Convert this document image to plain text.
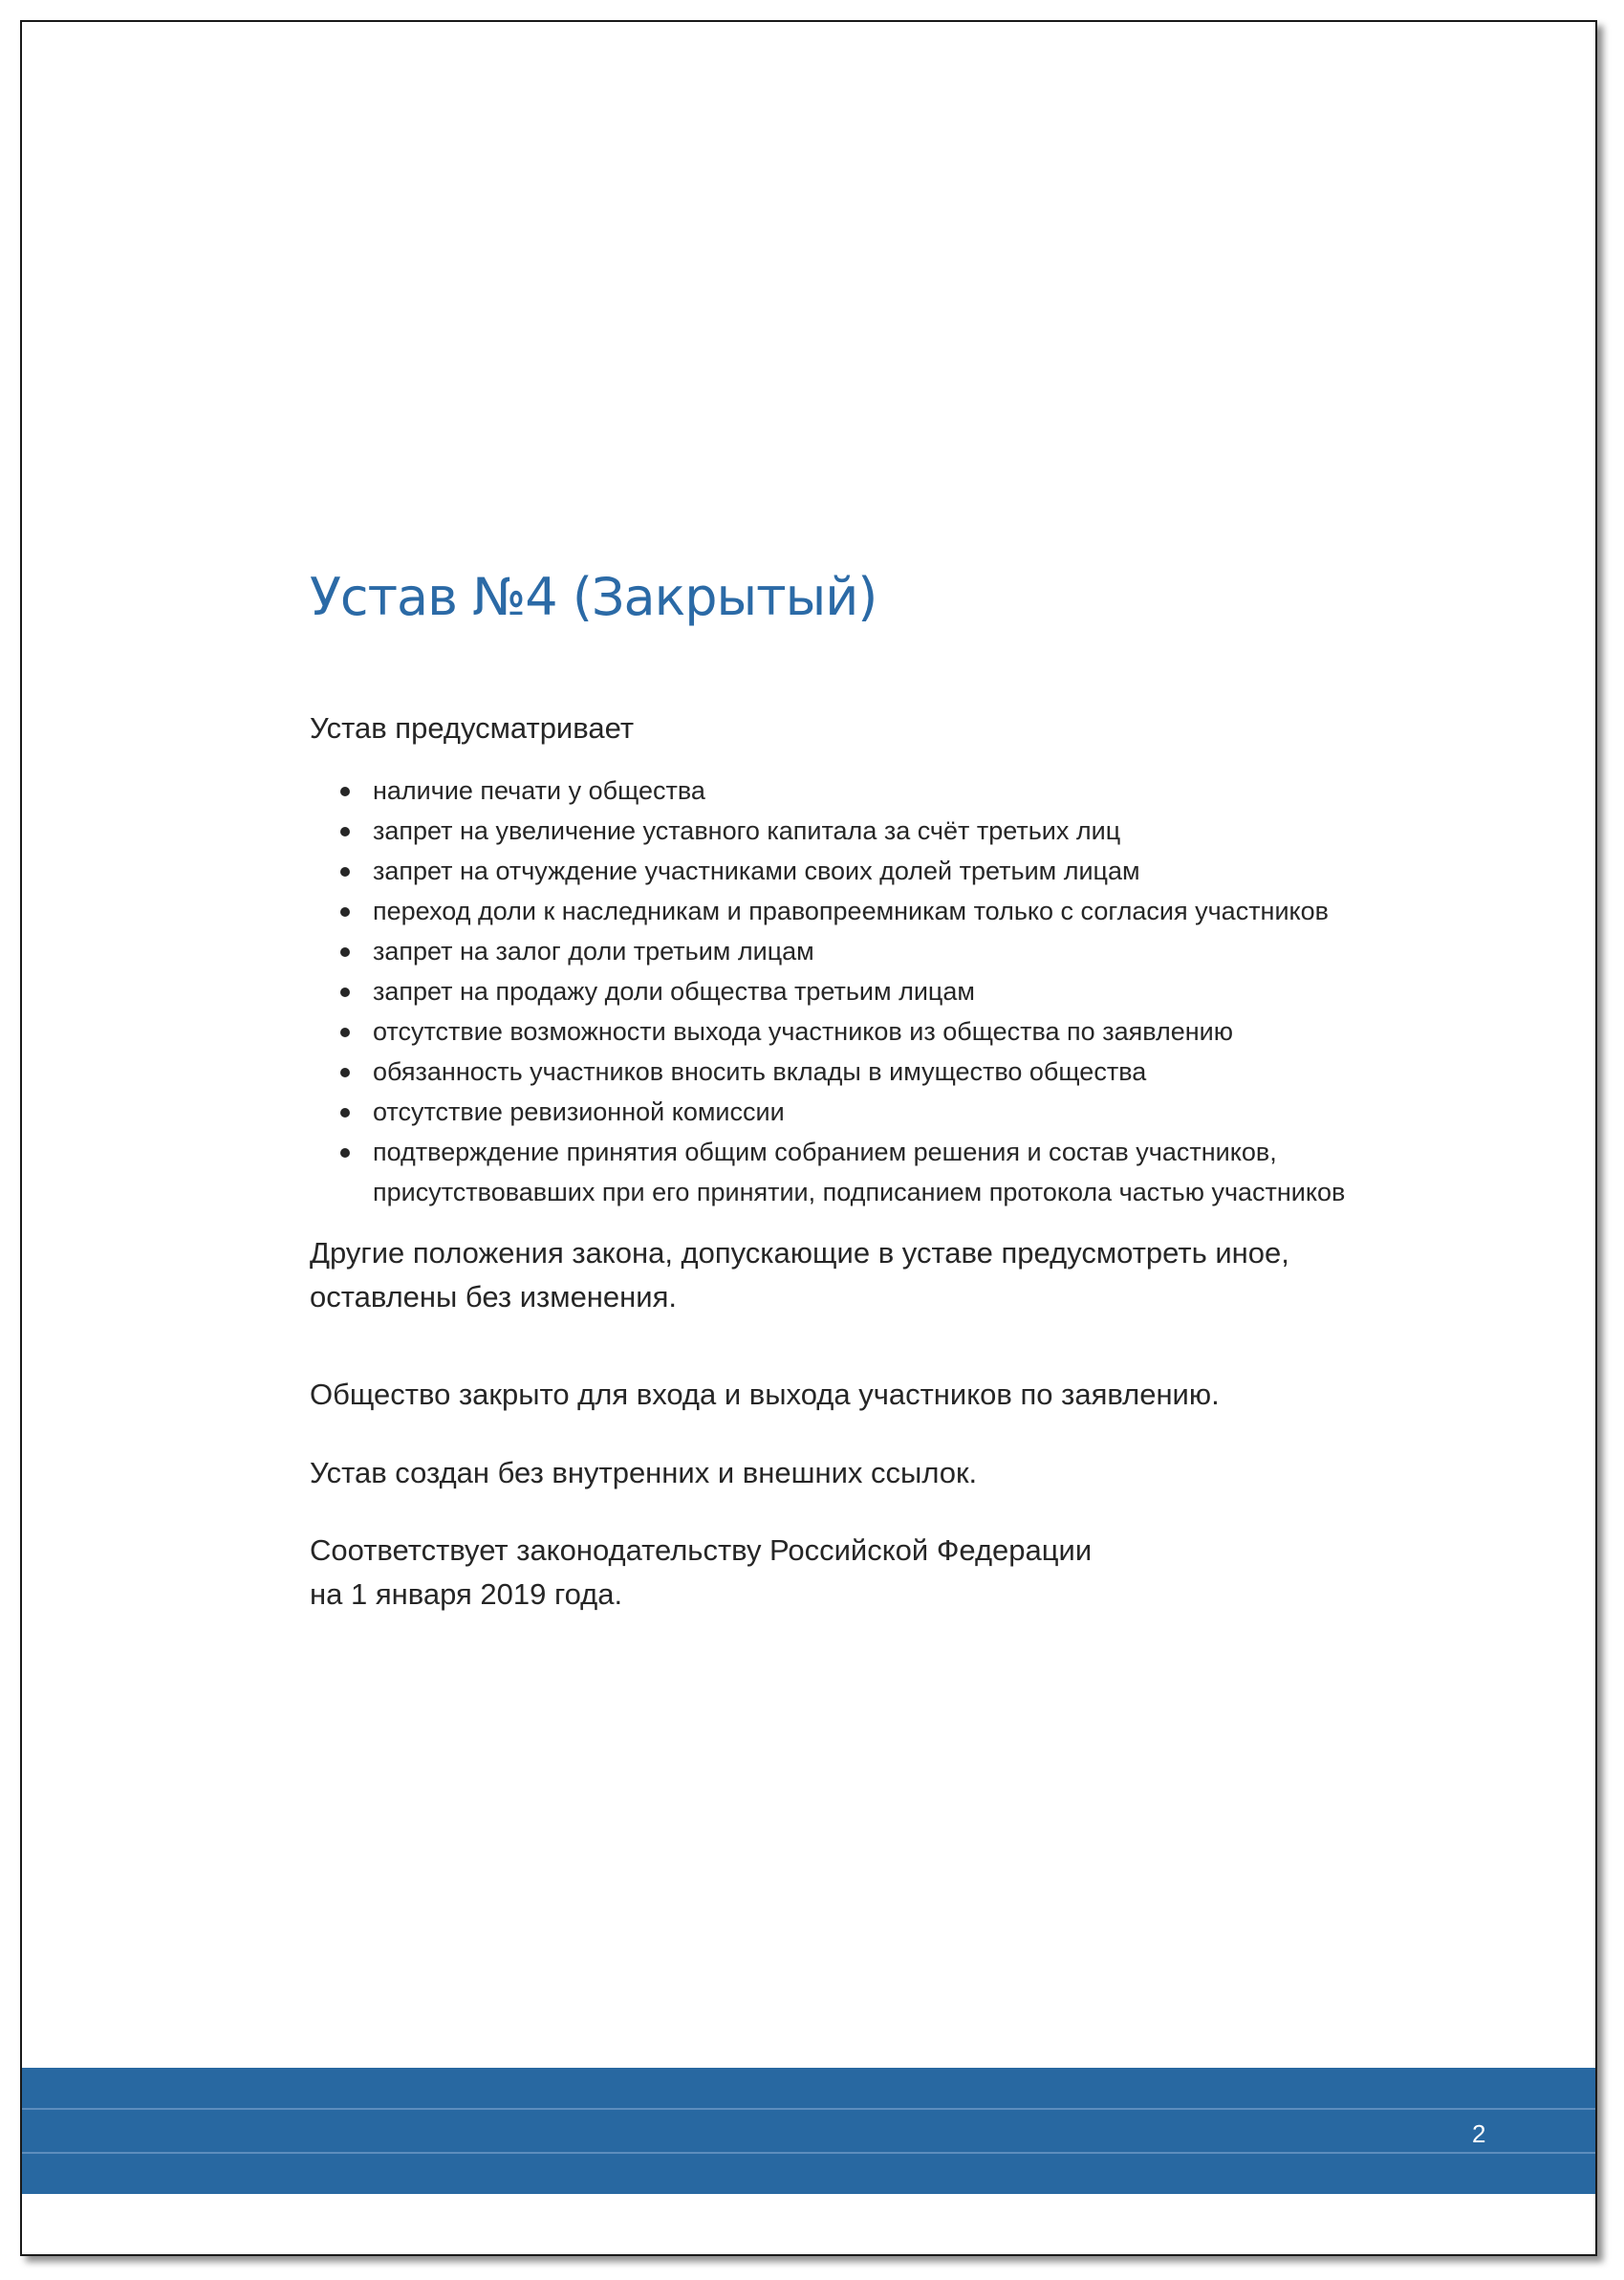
Устав №4 (Закрытый)

Устав предусматривает

наличие печати у общества
запрет на увеличение уставного капитала за счёт третьих лиц
запрет на отчуждение участниками своих долей третьим лицам
переход доли к наследникам и правопреемникам только с согласия участников
запрет на залог доли третьим лицам
запрет на продажу доли общества третьим лицам
отсутствие возможности выхода участников из общества по заявлению
обязанность участников вносить вклады в имущество общества
отсутствие ревизионной комиссии
подтверждение принятия общим собранием решения и состав участников,
присутствовавших при его принятии, подписанием протокола частью участников

Другие положения закона, допускающие в уставе предусмотреть иное,
оставлены без изменения.

Общество закрыто для входа и выхода участников по заявлению.

Устав создан без внутренних и внешних ссылок.

Соответствует законодательству Российской Федерации
на 1 января 2019 года.

2
